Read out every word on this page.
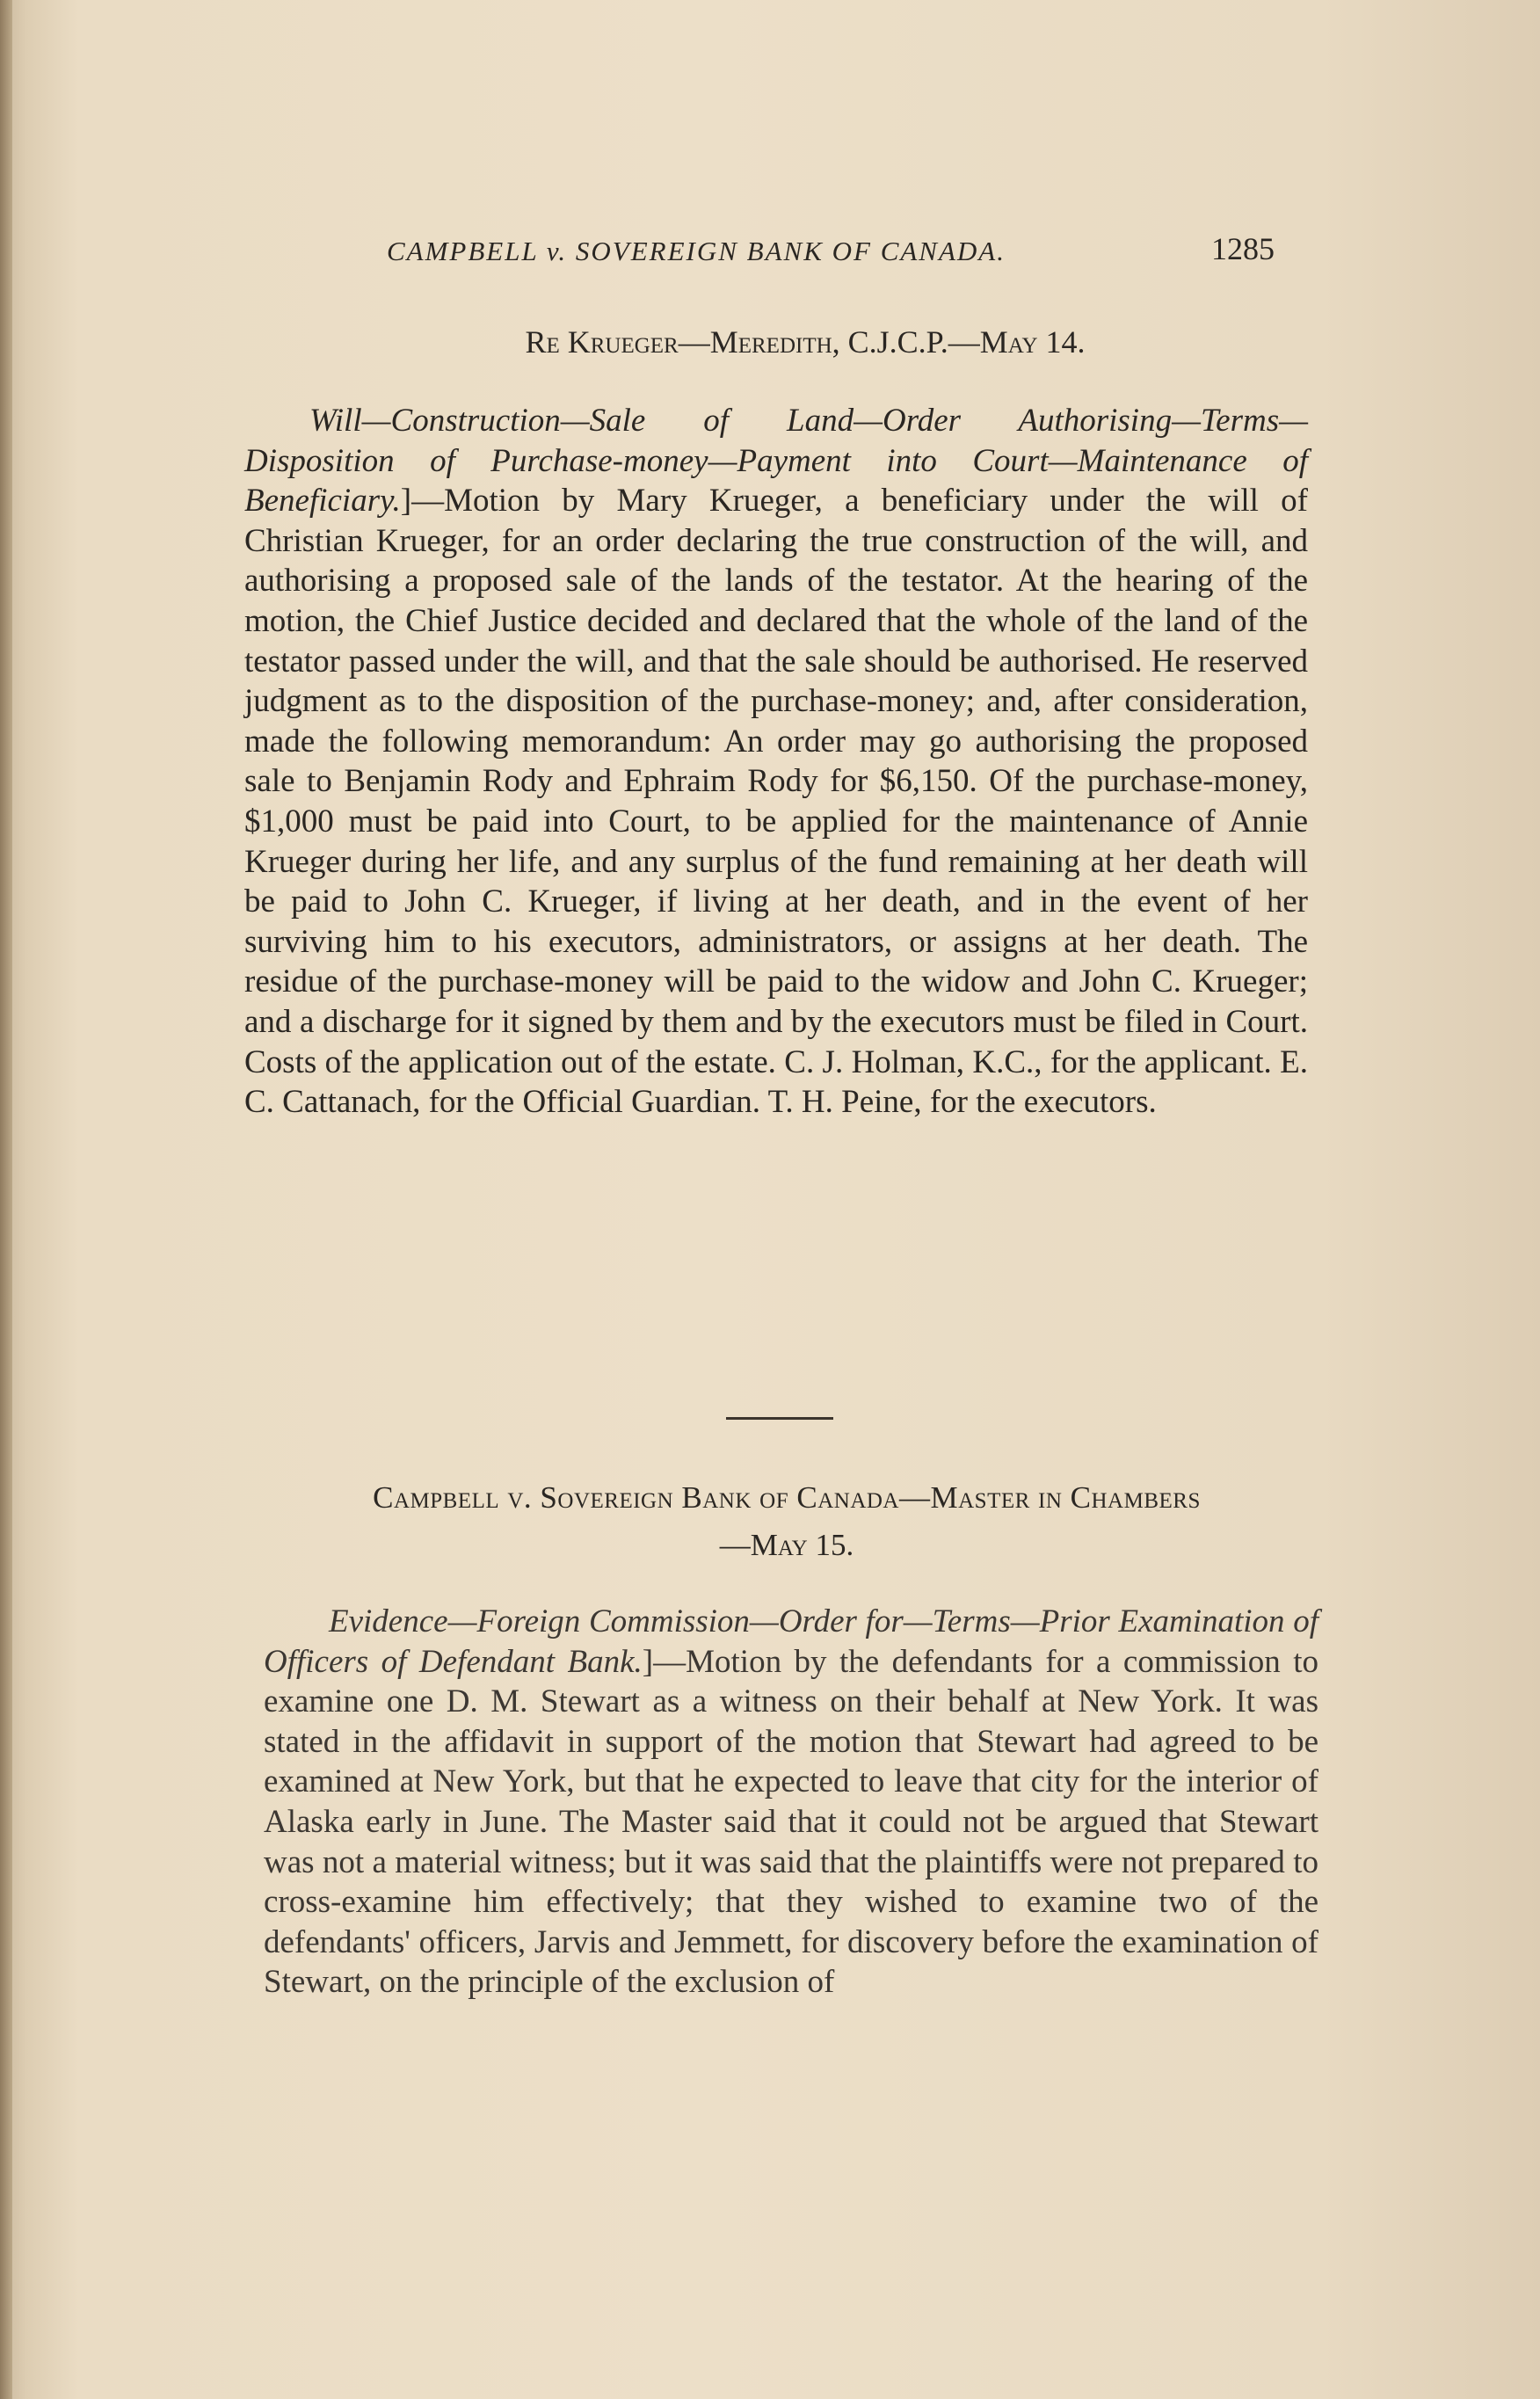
CAMPBELL v. SOVEREIGN BANK OF CANADA.	1285
Re Krueger—Meredith, C.J.C.P.—May 14.

Will—Construction—Sale of Land—Order Authorising—Terms—Disposition of Purchase-money—Payment into Court—Maintenance of Beneficiary.]—Motion by Mary Krueger, a beneficiary under the will of Christian Krueger, for an order declaring the true construction of the will, and authorising a proposed sale of the lands of the testator. At the hearing of the motion, the Chief Justice decided and declared that the whole of the land of the testator passed under the will, and that the sale should be authorised. He reserved judgment as to the disposition of the purchase-money; and, after consideration, made the following memorandum: An order may go authorising the proposed sale to Benjamin Rody and Ephraim Rody for $6,150. Of the purchase-money, $1,000 must be paid into Court, to be applied for the maintenance of Annie Krueger during her life, and any surplus of the fund remaining at her death will be paid to John C. Krueger, if living at her death, and in the event of her surviving him to his executors, administrators, or assigns at her death. The residue of the purchase-money will be paid to the widow and John C. Krueger; and a discharge for it signed by them and by the executors must be filed in Court. Costs of the application out of the estate. C. J. Holman, K.C., for the applicant. E. C. Cattanach, for the Official Guardian. T. H. Peine, for the executors.

Campbell v. Sovereign Bank of Canada—Master in Chambers
—May 15.

Evidence—Foreign Commission—Order for—Terms—Prior Examination of Officers of Defendant Bank.]—Motion by the defendants for a commission to examine one D. M. Stewart as a witness on their behalf at New York. It was stated in the affidavit in support of the motion that Stewart had agreed to be examined at New York, but that he expected to leave that city for the interior of Alaska early in June. The Master said that it could not be argued that Stewart was not a material witness; but it was said that the plaintiffs were not prepared to cross-examine him effectively; that they wished to examine two of the defendants' officers, Jarvis and Jemmett, for discovery before the examination of Stewart, on the principle of the exclusion of
